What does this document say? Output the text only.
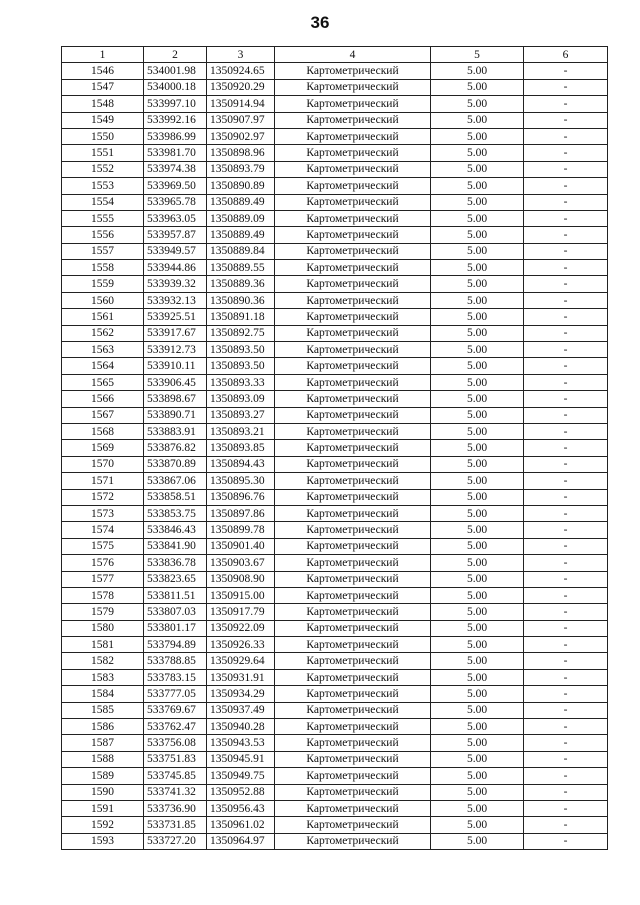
36
1	2	3	4	5	6
1546	534001.98	1350924.65	Картометрический	5.00	-
1547	534000.18	1350920.29	Картометрический	5.00	-
1548	533997.10	1350914.94	Картометрический	5.00	-
1549	533992.16	1350907.97	Картометрический	5.00	-
1550	533986.99	1350902.97	Картометрический	5.00	-
1551	533981.70	1350898.96	Картометрический	5.00	-
1552	533974.38	1350893.79	Картометрический	5.00	-
1553	533969.50	1350890.89	Картометрический	5.00	-
1554	533965.78	1350889.49	Картометрический	5.00	-
1555	533963.05	1350889.09	Картометрический	5.00	-
1556	533957.87	1350889.49	Картометрический	5.00	-
1557	533949.57	1350889.84	Картометрический	5.00	-
1558	533944.86	1350889.55	Картометрический	5.00	-
1559	533939.32	1350889.36	Картометрический	5.00	-
1560	533932.13	1350890.36	Картометрический	5.00	-
1561	533925.51	1350891.18	Картометрический	5.00	-
1562	533917.67	1350892.75	Картометрический	5.00	-
1563	533912.73	1350893.50	Картометрический	5.00	-
1564	533910.11	1350893.50	Картометрический	5.00	-
1565	533906.45	1350893.33	Картометрический	5.00	-
1566	533898.67	1350893.09	Картометрический	5.00	-
1567	533890.71	1350893.27	Картометрический	5.00	-
1568	533883.91	1350893.21	Картометрический	5.00	-
1569	533876.82	1350893.85	Картометрический	5.00	-
1570	533870.89	1350894.43	Картометрический	5.00	-
1571	533867.06	1350895.30	Картометрический	5.00	-
1572	533858.51	1350896.76	Картометрический	5.00	-
1573	533853.75	1350897.86	Картометрический	5.00	-
1574	533846.43	1350899.78	Картометрический	5.00	-
1575	533841.90	1350901.40	Картометрический	5.00	-
1576	533836.78	1350903.67	Картометрический	5.00	-
1577	533823.65	1350908.90	Картометрический	5.00	-
1578	533811.51	1350915.00	Картометрический	5.00	-
1579	533807.03	1350917.79	Картометрический	5.00	-
1580	533801.17	1350922.09	Картометрический	5.00	-
1581	533794.89	1350926.33	Картометрический	5.00	-
1582	533788.85	1350929.64	Картометрический	5.00	-
1583	533783.15	1350931.91	Картометрический	5.00	-
1584	533777.05	1350934.29	Картометрический	5.00	-
1585	533769.67	1350937.49	Картометрический	5.00	-
1586	533762.47	1350940.28	Картометрический	5.00	-
1587	533756.08	1350943.53	Картометрический	5.00	-
1588	533751.83	1350945.91	Картометрический	5.00	-
1589	533745.85	1350949.75	Картометрический	5.00	-
1590	533741.32	1350952.88	Картометрический	5.00	-
1591	533736.90	1350956.43	Картометрический	5.00	-
1592	533731.85	1350961.02	Картометрический	5.00	-
1593	533727.20	1350964.97	Картометрический	5.00	-
